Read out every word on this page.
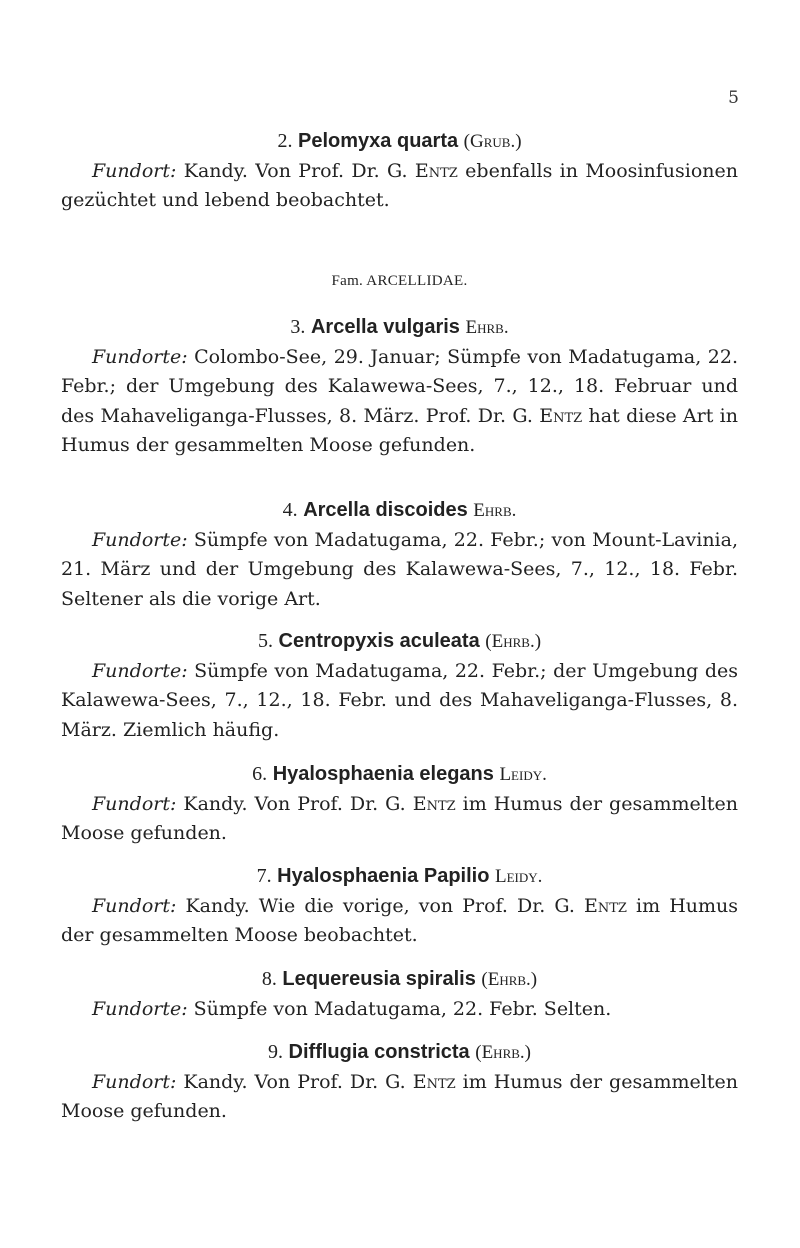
5
2. Pelomyxa quarta (Grub.)
Fundort: Kandy. Von Prof. Dr. G. Entz ebenfalls in Moosinfusionen gezüchtet und lebend beobachtet.
Fam. ARCELLIDAE.
3. Arcella vulgaris Ehrb.
Fundorte: Colombo-See, 29. Januar; Sümpfe von Madatugama, 22. Febr.; der Umgebung des Kalawewa-Sees, 7., 12., 18. Februar und des Mahaveliganga-Flusses, 8. März. Prof. Dr. G. Entz hat diese Art in Humus der gesammelten Moose gefunden.
4. Arcella discoides Ehrb.
Fundorte: Sümpfe von Madatugama, 22. Febr.; von Mount-Lavinia, 21. März und der Umgebung des Kalawewa-Sees, 7., 12., 18. Febr. Seltener als die vorige Art.
5. Centropyxis aculeata (Ehrb.)
Fundorte: Sümpfe von Madatugama, 22. Febr.; der Umgebung des Kalawewa-Sees, 7., 12., 18. Febr. und des Mahaveliganga-Flusses, 8. März. Ziemlich häufig.
6. Hyalosphaenia elegans Leidy.
Fundort: Kandy. Von Prof. Dr. G. Entz im Humus der gesammelten Moose gefunden.
7. Hyalosphaenia Papilio Leidy.
Fundort: Kandy. Wie die vorige, von Prof. Dr. G. Entz im Humus der gesammelten Moose beobachtet.
8. Lequereusia spiralis (Ehrb.)
Fundorte: Sümpfe von Madatugama, 22. Febr. Selten.
9. Difflugia constricta (Ehrb.)
Fundort: Kandy. Von Prof. Dr. G. Entz im Humus der gesammelten Moose gefunden.
